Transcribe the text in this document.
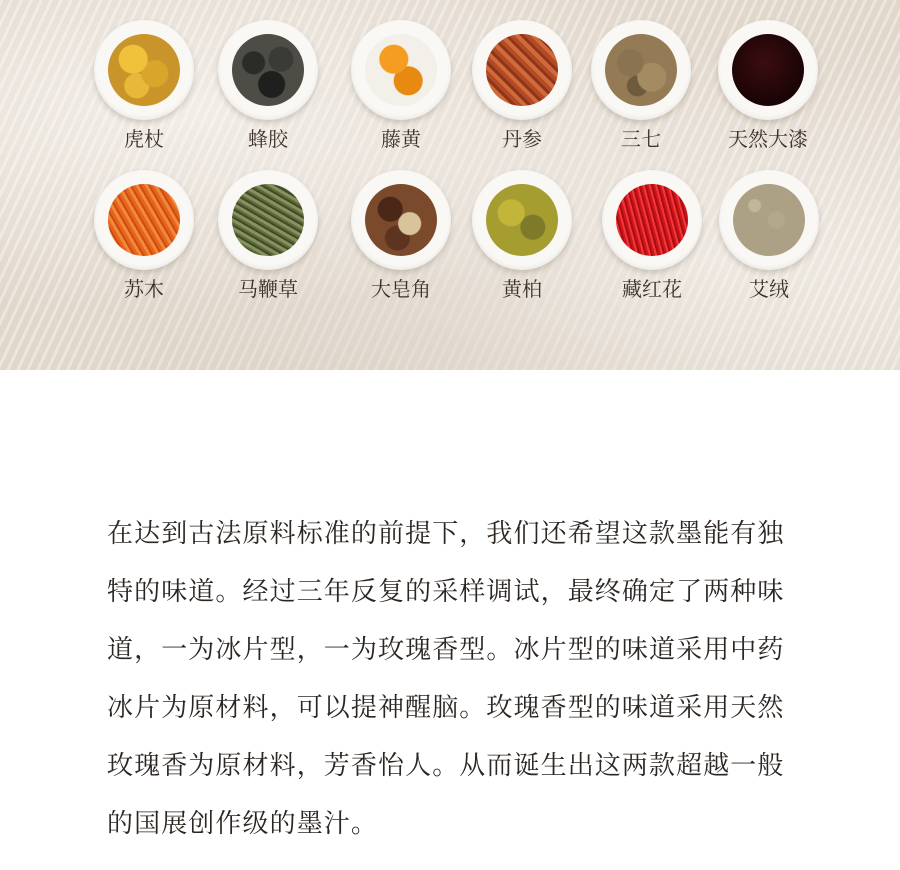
虎杖	蜂胶	藤黄	丹参	三七	天然大漆
苏木	马鞭草	大皂角	黄柏	藏红花	艾绒

在达到古法原料标准的前提下，我们还希望这款墨能有独特的味道。经过三年反复的采样调试，最终确定了两种味道，一为冰片型，一为玫瑰香型。冰片型的味道采用中药冰片为原材料，可以提神醒脑。玫瑰香型的味道采用天然玫瑰香为原材料，芳香怡人。从而诞生出这两款超越一般的国展创作级的墨汁。
